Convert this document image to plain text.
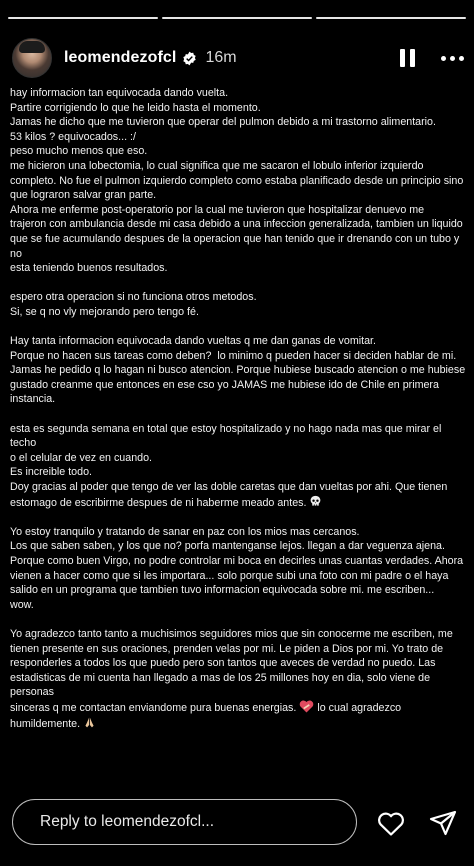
leomendezofcl 16m

hay informacion tan equivocada dando vuelta.

Partire corrigiendo lo que he leido hasta el momento.

Jamas he dicho que me tuvieron que operar del pulmon debido a mi trastorno alimentario.

53 kilos ? equivocados... :/

peso mucho menos que eso.

me hicieron una lobectomia, lo cual significa que me sacaron el lobulo inferior izquierdo

completo. No fue el pulmon izquierdo completo como estaba planificado desde un principio sino

que lograron salvar gran parte.

Ahora me enferme post-operatorio por la cual me tuvieron que hospitalizar denuevo me

trajeron con ambulancia desde mi casa debido a una infeccion generalizada, tambien un liquido

que se fue acumulando despues de la operacion que han tenido que ir drenando con un tubo y no

esta teniendo buenos resultados.

espero otra operacion si no funciona otros metodos.

Si, se q no vly mejorando pero tengo fé.

Hay tanta informacion equivocada dando vueltas q me dan ganas de vomitar.

Porque no hacen sus tareas como deben?  lo minimo q pueden hacer si deciden hablar de mi.

Jamas he pedido q lo hagan ni busco atencion. Porque hubiese buscado atencion o me hubiese

gustado creanme que entonces en ese cso yo JAMAS me hubiese ido de Chile en primera

instancia.

esta es segunda semana en total que estoy hospitalizado y no hago nada mas que mirar el techo

o el celular de vez en cuando.

Es increible todo.

Doy gracias al poder que tengo de ver las doble caretas que dan vueltas por ahi. Que tienen

estomago de escribirme despues de ni haberme meado antes.

Yo estoy tranquilo y tratando de sanar en paz con los mios mas cercanos.

Los que saben saben, y los que no? porfa mantenganse lejos. llegan a dar veguenza ajena.

Porque como buen Virgo, no podre controlar mi boca en decirles unas cuantas verdades. Ahora

vienen a hacer como que si les importara... solo porque subi una foto con mi padre o el haya

salido en un programa que tambien tuvo informacion equivocada sobre mi. me escriben...

wow.

Yo agradezco tanto tanto a muchisimos seguidores mios que sin conocerme me escriben, me

tienen presente en sus oraciones, prenden velas por mi. Le piden a Dios por mi. Yo trato de

responderles a todos los que puedo pero son tantos que aveces de verdad no puedo. Las

estadisticas de mi cuenta han llegado a mas de los 25 millones hoy en dia, solo viene de personas

sinceras q me contactan enviandome pura buenas energias. lo cual agradezco

humildemente.

Reply to leomendezofcl...
